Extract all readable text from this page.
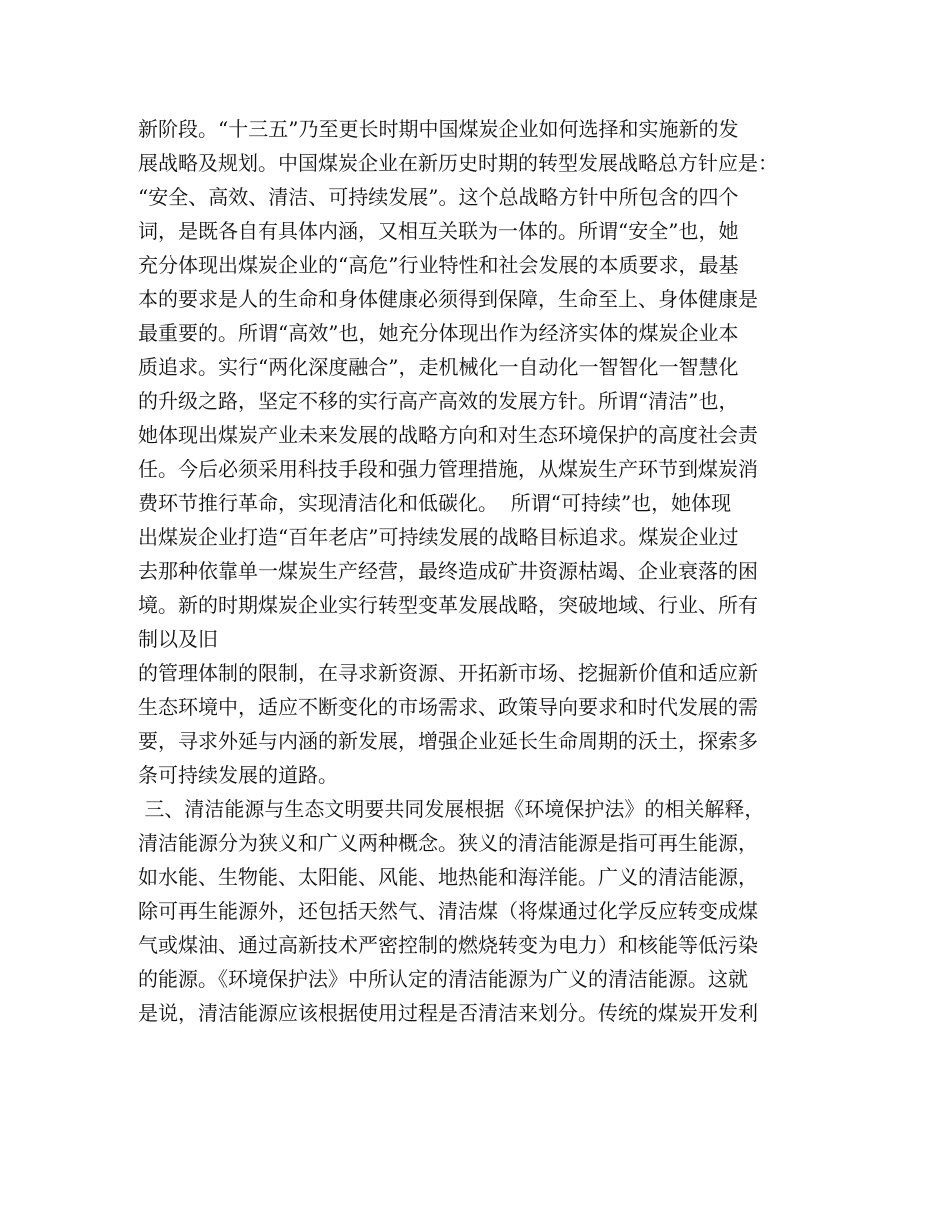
新阶段。“十三五”乃至更长时期中国煤炭企业如何选择和实施新的发
展战略及规划。中国煤炭企业在新历史时期的转型发展战略总方针应是：
“安全、高效、清洁、可持续发展”。这个总战略方针中所包含的四个
词，是既各自有具体内涵，又相互关联为一体的。所谓“安全”也，她
充分体现出煤炭企业的“高危”行业特性和社会发展的本质要求，最基
本的要求是人的生命和身体健康必须得到保障，生命至上、身体健康是
最重要的。所谓“高效”也，她充分体现出作为经济实体的煤炭企业本
质追求。实行“两化深度融合”，走机械化一自动化一智智化一智慧化
的升级之路，坚定不移的实行高产高效的发展方针。所谓“清洁”也，
她体现出煤炭产业未来发展的战略方向和对生态环境保护的高度社会责
任。今后必须采用科技手段和强力管理措施，从煤炭生产环节到煤炭消
费环节推行革命，实现清洁化和低碳化。  所谓“可持续”也，她体现
出煤炭企业打造“百年老店”可持续发展的战略目标追求。煤炭企业过
去那种依靠单一煤炭生产经营，最终造成矿井资源枯竭、企业衰落的困
境。新的时期煤炭企业实行转型变革发展战略，突破地域、行业、所有
制以及旧
的管理体制的限制，在寻求新资源、开拓新市场、挖掘新价值和适应新
生态环境中，适应不断变化的市场需求、政策导向要求和时代发展的需
要，寻求外延与内涵的新发展，增强企业延长生命周期的沃土，探索多
条可持续发展的道路。
三、清洁能源与生态文明要共同发展根据《环境保护法》的相关解释，
清洁能源分为狭义和广义两种概念。狭义的清洁能源是指可再生能源，
如水能、生物能、太阳能、风能、地热能和海洋能。广义的清洁能源，
除可再生能源外，还包括天然气、清洁煤（将煤通过化学反应转变成煤
气或煤油、通过高新技术严密控制的燃烧转变为电力）和核能等低污染
的能源。《环境保护法》中所认定的清洁能源为广义的清洁能源。这就
是说，清洁能源应该根据使用过程是否清洁来划分。传统的煤炭开发利
